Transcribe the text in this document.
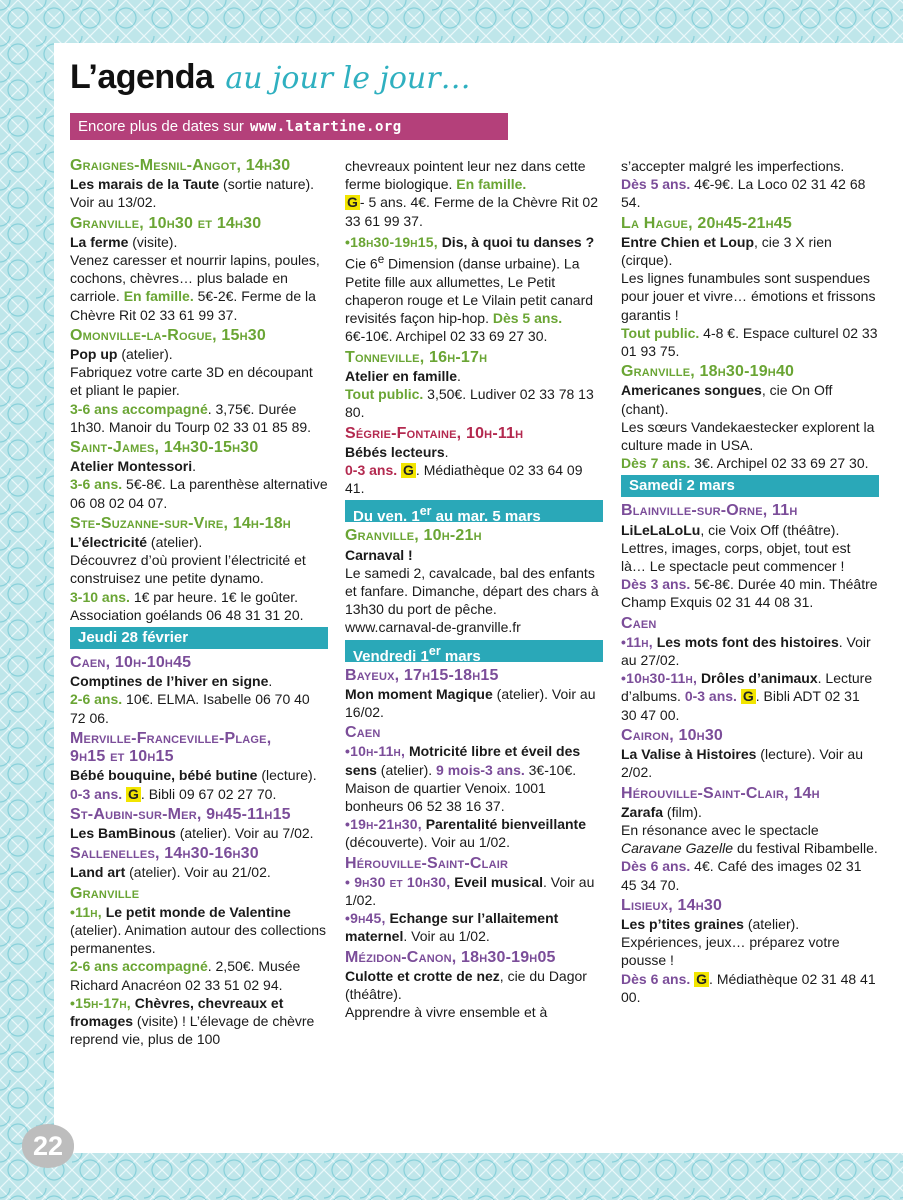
L’agenda au jour le jour…
Encore plus de dates sur www.latartine.org
Graignes-Mesnil-Angot, 14h30
Les marais de la Taute (sortie nature). Voir au 13/02.
Granville, 10h30 et 14h30
La ferme (visite).
Venez caresser et nourrir lapins, poules, cochons, chèvres… plus balade en carriole. En famille. 5€-2€. Ferme de la Chèvre Rit 02 33 61 99 37.
Omonville-la-Rogue, 15h30
Pop up (atelier).
Fabriquez votre carte 3D en découpant et pliant le papier.
3-6 ans accompagné. 3,75€. Durée 1h30. Manoir du Tourp 02 33 01 85 89.
Saint-James, 14h30-15h30
Atelier Montessori.
3-6 ans. 5€-8€. La parenthèse alternative 06 08 02 04 07.
Ste-Suzanne-sur-Vire, 14h-18h
L’électricité (atelier).
Découvrez d’où provient l’électricité et construisez une petite dynamo.
3-10 ans. 1€ par heure. 1€ le goûter. Association goélands 06 48 31 31 20.
Jeudi 28 février
Caen, 10h-10h45
Comptines de l’hiver en signe.
2-6 ans. 10€. ELMA. Isabelle 06 70 40 72 06.
Merville-Franceville-Plage,
9h15 et 10h15
Bébé bouquine, bébé butine (lecture).
0-3 ans. G . Bibli 09 67 02 27 70.
St-Aubin-sur-Mer, 9h45-11h15
Les BamBinous (atelier). Voir au 7/02.
Sallenelles, 14h30-16h30
Land art (atelier). Voir au 21/02.
Granville
•11h, Le petit monde de Valentine (atelier). Animation autour des collections permanentes.
2-6 ans accompagné. 2,50€. Musée Richard Anacréon 02 33 51 02 94.
•15h-17h, Chèvres, chevreaux et fromages (visite) ! L’élevage de chèvre reprend vie, plus de 100
chevreaux pointent leur nez dans cette ferme biologique. En famille.
G - 5 ans. 4€. Ferme de la Chèvre Rit 02 33 61 99 37.
•18h30-19h15, Dis, à quoi tu danses ? Cie 6e Dimension (danse urbaine). La Petite fille aux allumettes, Le Petit chaperon rouge et Le Vilain petit canard revisités façon hip-hop. Dès 5 ans. 6€-10€. Archipel 02 33 69 27 30.
Tonneville, 16h-17h
Atelier en famille.
Tout public. 3,50€. Ludiver 02 33 78 13 80.
Ségrie-Fontaine, 10h-11h
Bébés lecteurs.
0-3 ans. G . Médiathèque 02 33 64 09 41.
Du ven. 1er au mar. 5 mars
Granville, 10h-21h
Carnaval !
Le samedi 2, cavalcade, bal des enfants et fanfare. Dimanche, départ des chars à 13h30 du port de pêche.
www.carnaval-de-granville.fr
Vendredi 1er mars
Bayeux, 17h15-18h15
Mon moment Magique (atelier). Voir au 16/02.
Caen
•10h-11h, Motricité libre et éveil des sens (atelier). 9 mois-3 ans. 3€-10€. Maison de quartier Venoix. 1001 bonheurs 06 52 38 16 37.
•19h-21h30, Parentalité bienveillante (découverte). Voir au 1/02.
Hérouville-Saint-Clair
• 9h30 et 10h30, Eveil musical. Voir au 1/02.
•9h45, Echange sur l’allaitement maternel. Voir au 1/02.
Mézidon-Canon, 18h30-19h05
Culotte et crotte de nez, cie du Dagor (théâtre).
Apprendre à vivre ensemble et à
s’accepter malgré les imperfections.
Dès 5 ans. 4€-9€. La Loco 02 31 42 68 54.
La Hague, 20h45-21h45
Entre Chien et Loup, cie 3 X rien (cirque).
Les lignes funambules sont suspendues pour jouer et vivre… émotions et frissons garantis !
Tout public. 4-8 €. Espace culturel 02 33 01 93 75.
Granville, 18h30-19h40
Americanes songues, cie On Off (chant).
Les sœurs Vandekaestecker explorent la culture made in USA.
Dès 7 ans. 3€. Archipel 02 33 69 27 30.
Samedi 2 mars
Blainville-sur-Orne, 11h
LiLeLaLoLu, cie Voix Off (théâtre).
Lettres, images, corps, objet, tout est là… Le spectacle peut commencer !
Dès 3 ans. 5€-8€. Durée 40 min. Théâtre Champ Exquis 02 31 44 08 31.
Caen
•11h, Les mots font des histoires. Voir au 27/02.
•10h30-11h, Drôles d’animaux. Lecture d’albums. 0-3 ans. G . Bibli ADT 02 31 30 47 00.
Cairon, 10h30
La Valise à Histoires (lecture). Voir au 2/02.
Hérouville-Saint-Clair, 14h
Zarafa (film).
En résonance avec le spectacle Caravane Gazelle du festival Ribambelle.
Dès 6 ans. 4€. Café des images 02 31 45 34 70.
Lisieux, 14h30
Les p’tites graines (atelier).
Expériences, jeux… préparez votre pousse !
Dès 6 ans. G . Médiathèque 02 31 48 41 00.
22
